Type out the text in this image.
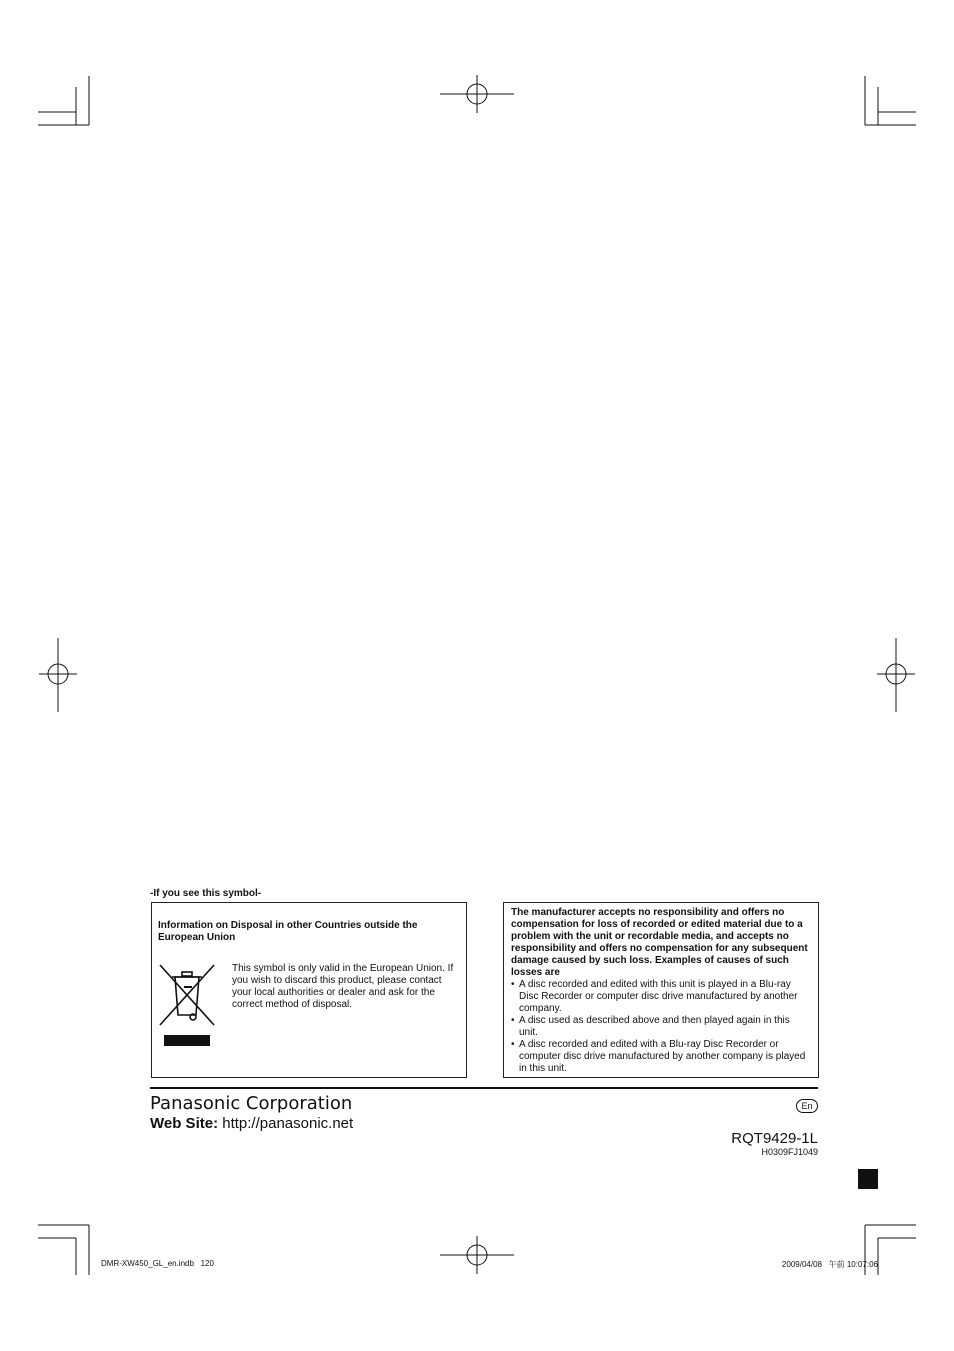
-If you see this symbol-
Information on Disposal in other Countries outside the European Union
This symbol is only valid in the European Union. If you wish to discard this product, please contact your local authorities or dealer and ask for the correct method of disposal.
The manufacturer accepts no responsibility and offers no compensation for loss of recorded or edited material due to a problem with the unit or recordable media, and accepts no responsibility and offers no compensation for any subsequent damage caused by such loss. Examples of causes of such losses are
• A disc recorded and edited with this unit is played in a Blu-ray Disc Recorder or computer disc drive manufactured by another company.
• A disc used as described above and then played again in this unit.
• A disc recorded and edited with a Blu-ray Disc Recorder or computer disc drive manufactured by another company is played in this unit.
Panasonic Corporation
Web Site: http://panasonic.net
En
RQT9429-1L
H0309FJ1049
DMR-XW450_GL_en.indb   120	2009/04/08   午前 10:07:06
